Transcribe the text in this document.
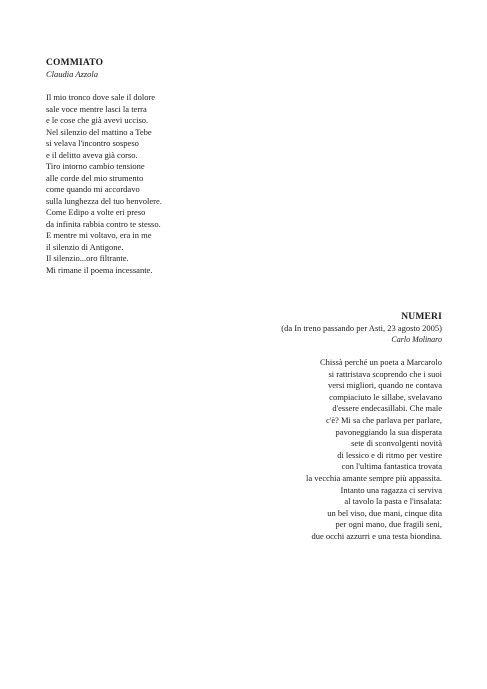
COMMIATO
Claudia Azzola
Il mio tronco dove sale il dolore
sale voce mentre lasci la terra
e le cose che già avevi ucciso.
Nel silenzio del mattino a Tebe
si velava l'incontro sospeso
e il delitto aveva già corso.
Tiro intorno cambio tensione
alle corde del mio strumento
come quando mi accordavo
sulla lunghezza del tuo benvolere.
Come Edipo a volte eri preso
da infinita rabbia contro te stesso.
E mentre mi voltavo, era in me
il silenzio di Antigone.
Il silenzio...oro filtrante.
Mi rimane il poema incessante.
NUMERI
(da In treno passando per Asti, 23 agosto 2005)
Carlo Molinaro
Chissà perché un poeta a Marcarolo
si rattristava scoprendo che i suoi
versi migliori, quando ne contava
compiaciuto le sillabe, svelavano
d'essere endecasillabi. Che male
c'è? Mi sa che parlava per parlare,
pavoneggiando la sua disperata
sete di sconvolgenti novità
di lessico e di ritmo per vestire
con l'ultima fantastica trovata
la vecchia amante sempre più appassita.
Intanto una ragazza ci serviva
al tavolo la pasta e l'insalata:
un bel viso, due mani, cinque dita
per ogni mano, due fragili seni,
due occhi azzurri e una testa biondina.
